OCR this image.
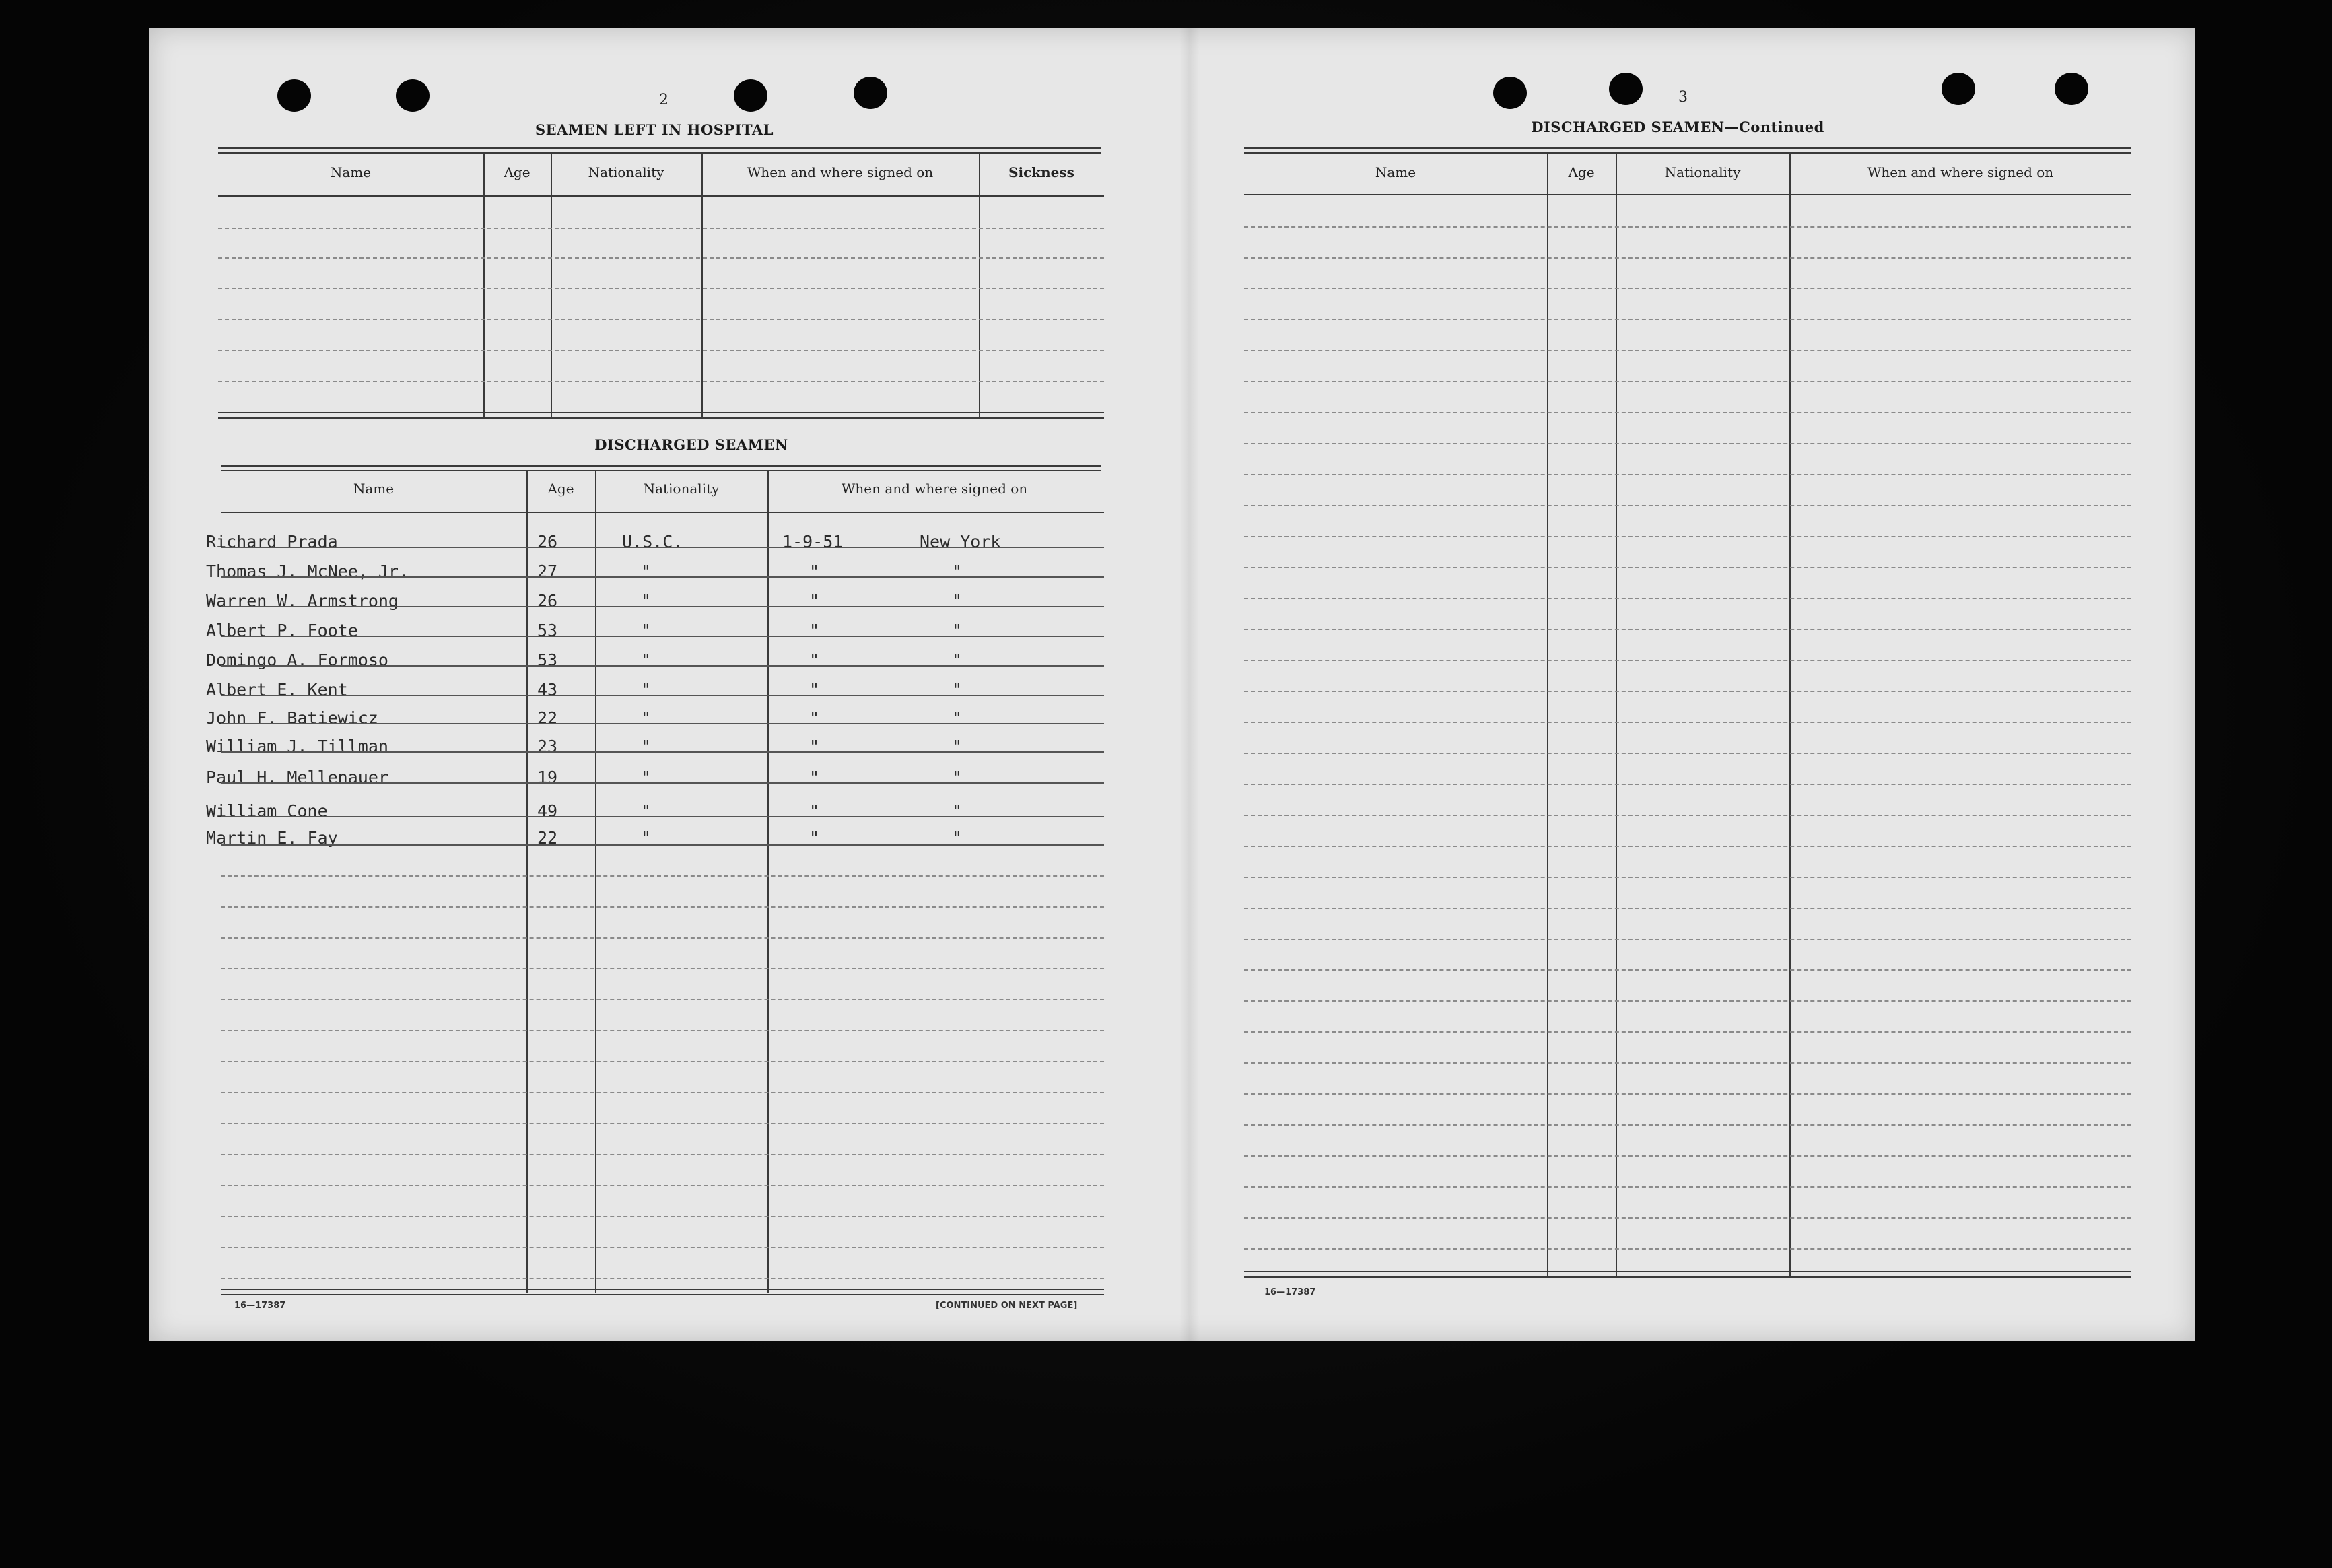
2
SEAMEN LEFT IN HOSPITAL
Name	Age	Nationality	When and where signed on	Sickness
DISCHARGED SEAMEN
Name	Age	Nationality	When and where signed on
Richard Prada	26	U.S.C.	1-9-51	New York
Thomas J. McNee, Jr.	27	"	"	"
Warren W. Armstrong	26	"	"	"
Albert P. Foote	53	"	"	"
Domingo A. Formoso	53	"	"	"
Albert E. Kent	43	"	"	"
John F. Batiewicz	22	"	"	"
William J. Tillman	23	"	"	"
Paul H. Mellenauer	19	"	"	"
William Cone	49	"	"	"
Martin E. Fay	22	"	"	"
16—17387	[CONTINUED ON NEXT PAGE]
3
DISCHARGED SEAMEN—Continued
Name	Age	Nationality	When and where signed on
16—17387
